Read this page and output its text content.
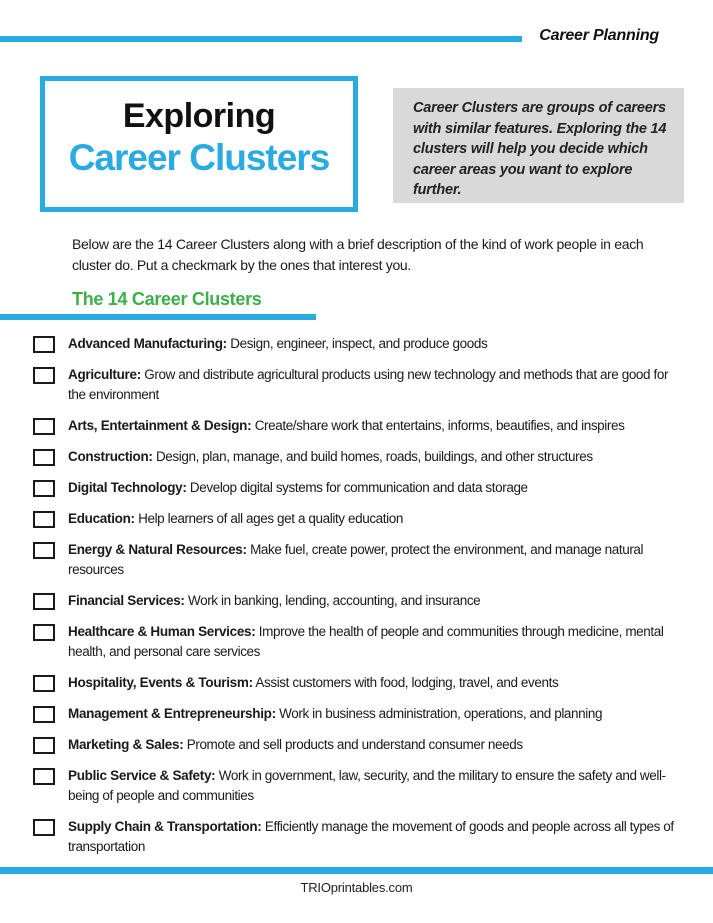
Career Planning
Exploring
Career Clusters
Career Clusters are groups of careers with similar features. Exploring the 14 clusters will help you decide which career areas you want to explore further.
Below are the 14 Career Clusters along with a brief description of the kind of work people in each cluster do. Put a checkmark by the ones that interest you.
The 14 Career Clusters
Advanced Manufacturing: Design, engineer, inspect, and produce goods
Agriculture: Grow and distribute agricultural products using new technology and methods that are good for the environment
Arts, Entertainment & Design: Create/share work that entertains, informs, beautifies, and inspires
Construction: Design, plan, manage, and build homes, roads, buildings, and other structures
Digital Technology: Develop digital systems for communication and data storage
Education: Help learners of all ages get a quality education
Energy & Natural Resources: Make fuel, create power, protect the environment, and manage natural resources
Financial Services: Work in banking, lending, accounting, and insurance
Healthcare & Human Services: Improve the health of people and communities through medicine, mental health, and personal care services
Hospitality, Events & Tourism: Assist customers with food, lodging, travel, and events
Management & Entrepreneurship: Work in business administration, operations, and planning
Marketing & Sales: Promote and sell products and understand consumer needs
Public Service & Safety: Work in government, law, security, and the military to ensure the safety and well-being of people and communities
Supply Chain & Transportation: Efficiently manage the movement of goods and people across all types of transportation
TRIOprintables.com
